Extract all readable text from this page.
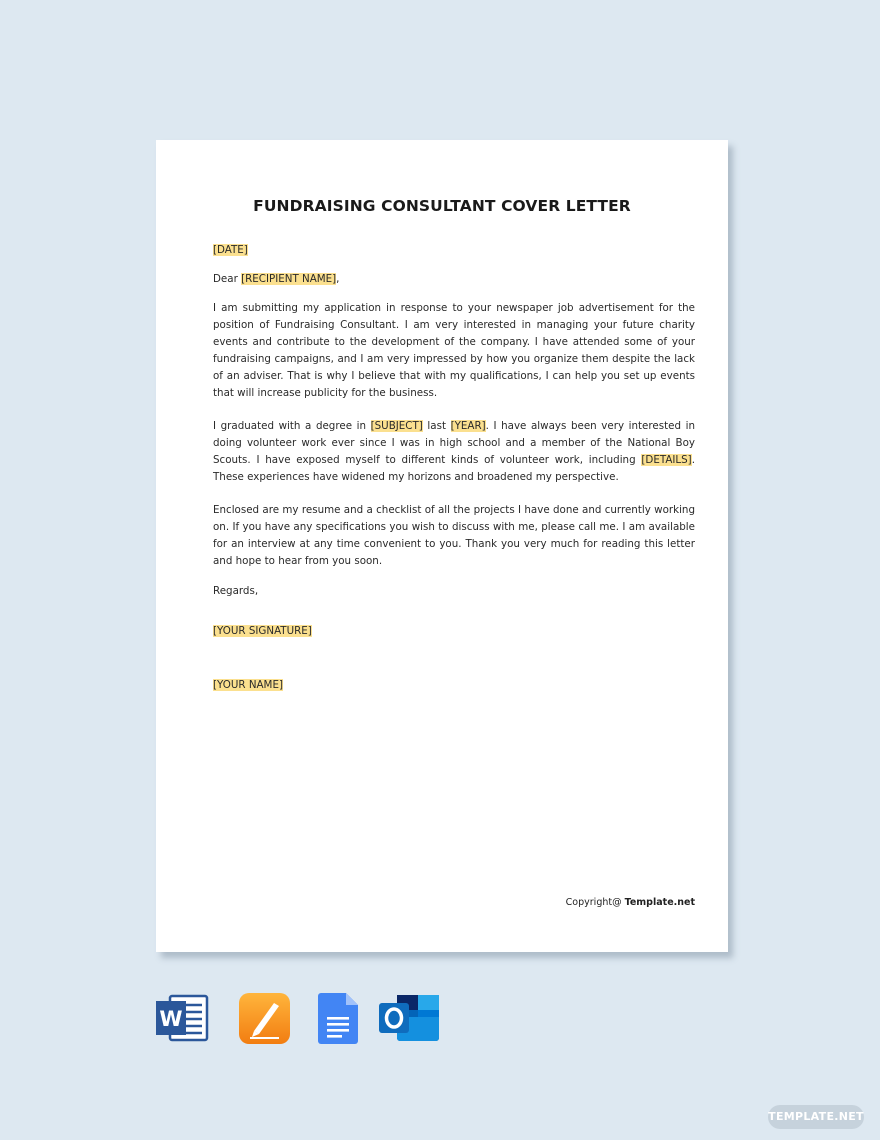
FUNDRAISING CONSULTANT COVER LETTER

[DATE]

Dear [RECIPIENT NAME],

I am submitting my application in response to your newspaper job advertisement for the position of Fundraising Consultant. I am very interested in managing your future charity events and contribute to the development of the company. I have attended some of your fundraising campaigns, and I am very impressed by how you organize them despite the lack of an adviser. That is why I believe that with my qualifications, I can help you set up events that will increase publicity for the business.

I graduated with a degree in [SUBJECT] last [YEAR]. I have always been very interested in doing volunteer work ever since I was in high school and a member of the National Boy Scouts. I have exposed myself to different kinds of volunteer work, including [DETAILS]. These experiences have widened my horizons and broadened my perspective.

Enclosed are my resume and a checklist of all the projects I have done and currently working on. If you have any specifications you wish to discuss with me, please call me. I am available for an interview at any time convenient to you. Thank you very much for reading this letter and hope to hear from you soon.

Regards,

[YOUR SIGNATURE]

[YOUR NAME]

Copyright@ Template.net
W
TEMPLATE.NET
